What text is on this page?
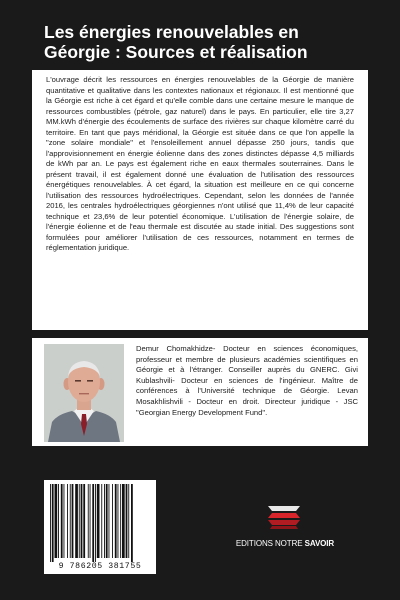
Les énergies renouvelables en
Géorgie : Sources et réalisation

L'ouvrage décrit les ressources en énergies renouvelables de la Géorgie de manière quantitative et qualitative dans les contextes nationaux et régionaux. Il est mentionné que la Géorgie est riche à cet égard et qu'elle comble dans une certaine mesure le manque de ressources combustibles (pétrole, gaz naturel) dans le pays. En particulier, elle tire 3,27 MM.kWh d'énergie des écoulements de surface des rivières sur chaque kilomètre carré du territoire. En tant que pays méridional, la Géorgie est située dans ce que l'on appelle la "zone solaire mondiale" et l'ensoleillement annuel dépasse 250 jours, tandis que l'approvisionnement en énergie éolienne dans des zones distinctes dépasse 4,5 milliards de kWh par an. Le pays est également riche en eaux thermales souterraines. Dans le présent travail, il est également donné une évaluation de l'utilisation des ressources énergétiques renouvelables. À cet égard, la situation est meilleure en ce qui concerne l'utilisation des ressources hydroélectriques. Cependant, selon les données de l'année 2016, les centrales hydroélectriques géorgiennes n'ont utilisé que 11,4% de leur capacité technique et 23,6% de leur potentiel économique. L'utilisation de l'énergie solaire, de l'énergie éolienne et de l'eau thermale est discutée au stade initial. Des suggestions sont formulées pour améliorer l'utilisation de ces ressources, notamment en termes de réglementation juridique.

Demur Chomakhidze- Docteur en sciences économiques, professeur et membre de plusieurs académies scientifiques en Géorgie et à l'étranger. Conseiller auprès du GNERC. Givi Kublashvili- Docteur en sciences de l'ingénieur. Maître de conférences à l'Université technique de Géorgie. Levan Mosakhlishvili - Docteur en droit. Directeur juridique - JSC "Georgian Energy Development Fund".

9 786205 381755
EDITIONS NOTRE SAVOIR
